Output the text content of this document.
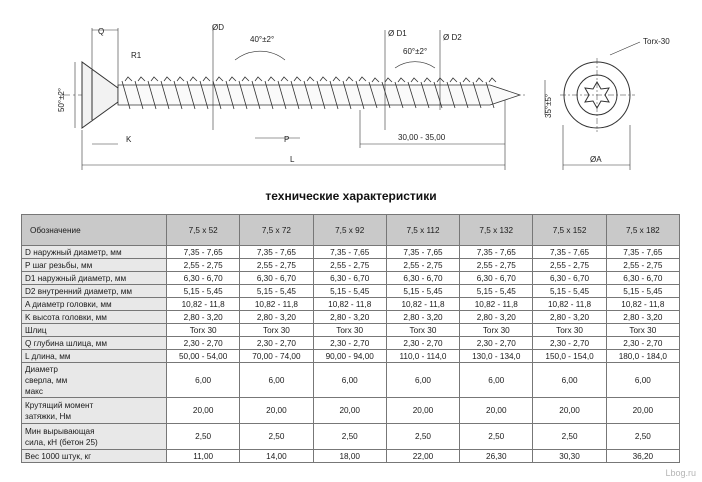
Q	ØD
R1
50°±2°
40°±2°
Ø D1	Ø D2
60°±2°
Torx-30
K	P	30,00 - 35,00
35°±5°
L	ØA
технические характеристики
Обозначение	7,5 x 52	7,5 x 72	7,5 x 92	7,5 x 112	7,5 x 132	7,5 x 152	7,5 x 182
D наружный диаметр, мм	7,35 - 7,65	7,35 - 7,65	7,35 - 7,65	7,35 - 7,65	7,35 - 7,65	7,35 - 7,65	7,35 - 7,65
P шаг резьбы, мм	2,55 - 2,75	2,55 - 2,75	2,55 - 2,75	2,55 - 2,75	2,55 - 2,75	2,55 - 2,75	2,55 - 2,75
D1 наружный диаметр, мм	6,30 - 6,70	6,30 - 6,70	6,30 - 6,70	6,30 - 6,70	6,30 - 6,70	6,30 - 6,70	6,30 - 6,70
D2 внутренний диаметр, мм	5,15 - 5,45	5,15 - 5,45	5,15 - 5,45	5,15 - 5,45	5,15 - 5,45	5,15 - 5,45	5,15 - 5,45
A диаметр головки, мм	10,82 - 11,8	10,82 - 11,8	10,82 - 11,8	10,82 - 11,8	10,82 - 11,8	10,82 - 11,8	10,82 - 11,8
K высота головки, мм	2,80 - 3,20	2,80 - 3,20	2,80 - 3,20	2,80 - 3,20	2,80 - 3,20	2,80 - 3,20	2,80 - 3,20
Шлиц	Torx 30	Torx 30	Torx 30	Torx 30	Torx 30	Torx 30	Torx 30
Q глубина шлица, мм	2,30 - 2,70	2,30 - 2,70	2,30 - 2,70	2,30 - 2,70	2,30 - 2,70	2,30 - 2,70	2,30 - 2,70
L длина, мм	50,00 - 54,00	70,00 - 74,00	90,00 - 94,00	110,0 - 114,0	130,0 - 134,0	150,0 - 154,0	180,0 - 184,0

Диаметр
сверла, мм
макс	6,00	6,00	6,00	6,00	6,00	6,00	6,00

Крутящий момент
затяжки, Нм	20,00	20,00	20,00	20,00	20,00	20,00	20,00

Мин вырывающая
сила, кН (бетон 25)	2,50	2,50	2,50	2,50	2,50	2,50	2,50
Вес 1000 штук, кг	11,00	14,00	18,00	22,00	26,30	30,30	36,20
Lbog.ru
